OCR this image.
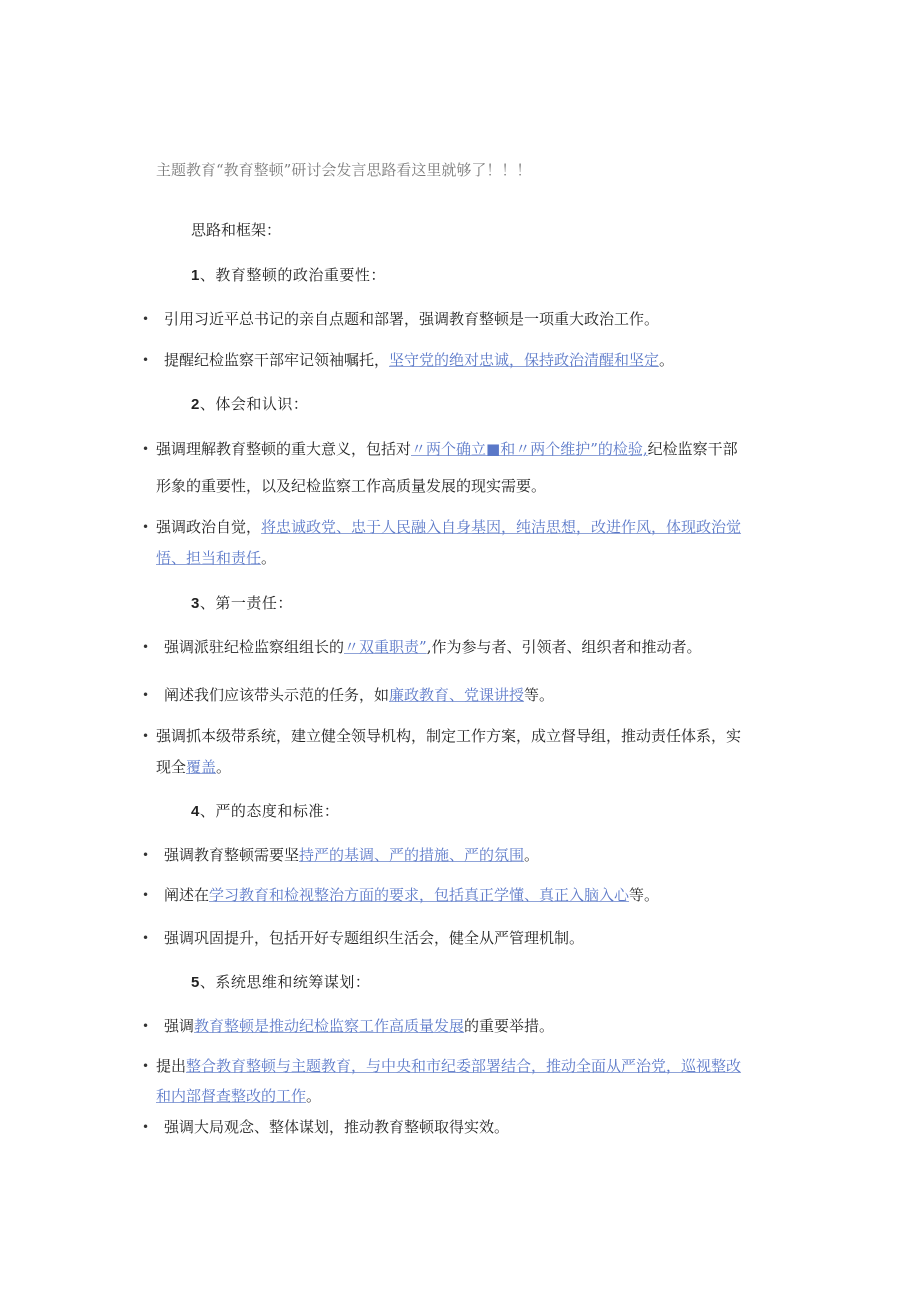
主题教育“教育整顿”研讨会发言思路看这里就够了！！！
思路和框架：
1、教育整顿的政治重要性：
• 引用习近平总书记的亲自点题和部署，强调教育整顿是一项重大政治工作。
• 提醒纪检监察干部牢记领袖嘱托，坚守党的绝对忠诚，保持政治清醒和坚定。
2、体会和认识：
• 强调理解教育整顿的重大意义，包括对〃两个确立■和〃两个维护”的检验,纪检监察干部
形象的重要性，以及纪检监察工作高质量发展的现实需要。
• 强调政治自觉，将忠诚政党、忠于人民融入自身基因，纯洁思想，改进作风，体现政治觉
悟、担当和责任。
3、第一责任：
• 强调派驻纪检监察组组长的〃双重职责”,作为参与者、引领者、组织者和推动者。
• 阐述我们应该带头示范的任务，如廉政教育、党课讲授等。
• 强调抓本级带系统，建立健全领导机构，制定工作方案，成立督导组，推动责任体系，实
现全覆盖。
4、严的态度和标准：
• 强调教育整顿需要坚持严的基调、严的措施、严的氛围。
• 阐述在学习教育和检视整治方面的要求，包括真正学懂、真正入脑入心等。
• 强调巩固提升，包括开好专题组织生活会，健全从严管理机制。
5、系统思维和统筹谋划：
• 强调教育整顿是推动纪检监察工作高质量发展的重要举措。
• 提出整合教育整顿与主题教育，与中央和市纪委部署结合，推动全面从严治党，巡视整改
和内部督查整改的工作。
• 强调大局观念、整体谋划，推动教育整顿取得实效。
